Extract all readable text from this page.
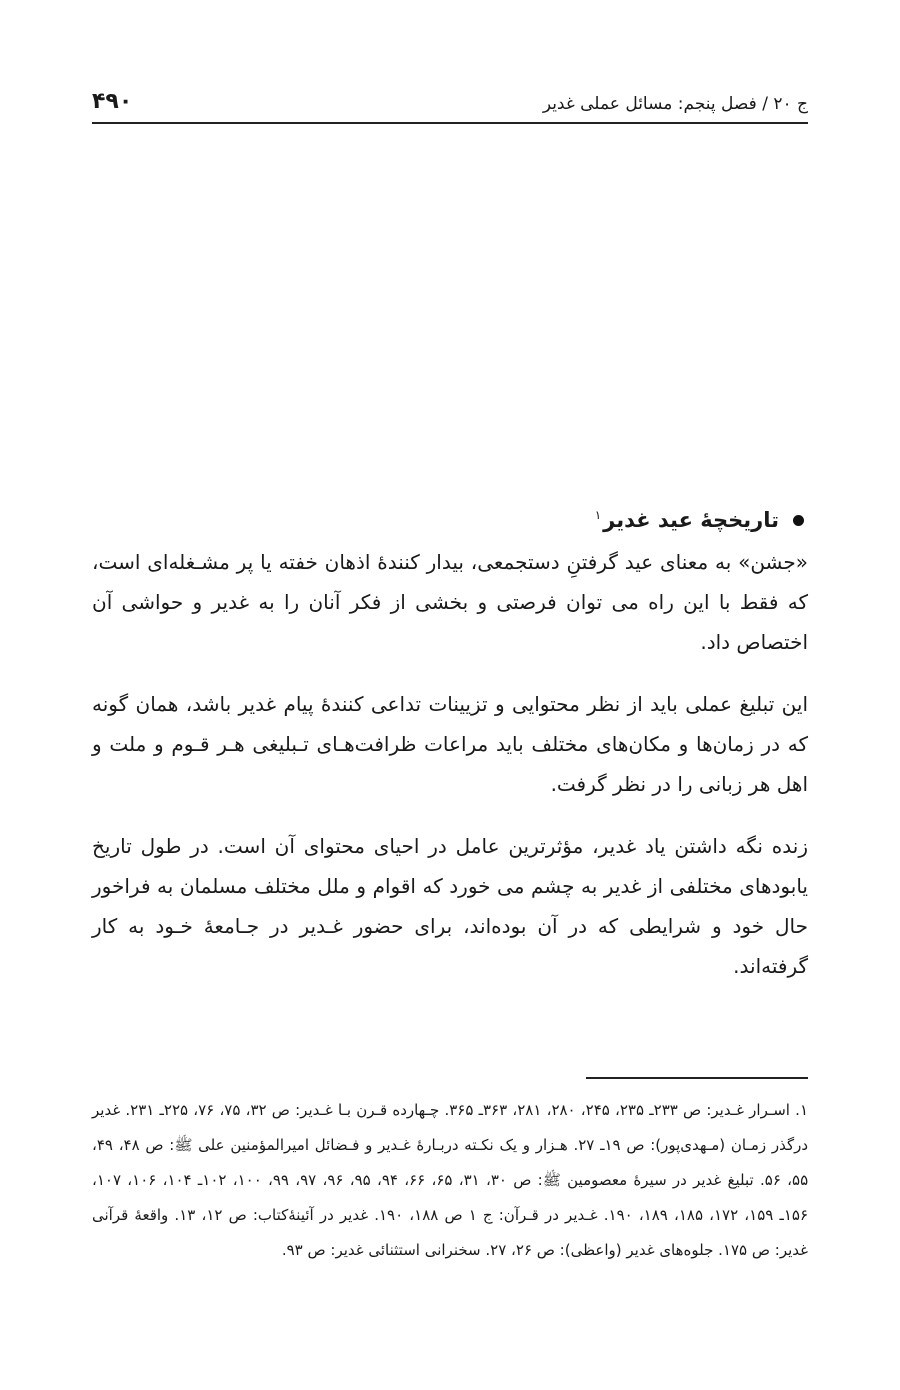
ج ۲۰ / فصل پنجم: مسائل عملی غدیر
۴۹۰
تاریخچۀ عید غدیر$^۱$

«جشن» به معنای عید گرفتنِ دستجمعی، بیدار کنندۀ اذهان خفته یا پر مشـغله‌ای است، که فقط با این راه می توان فرصتی و بخشی از فکر آنان را به غدیر و حواشی آن اختصاص داد.

این تبلیغ عملی باید از نظر محتوایی و تزیینات تداعی کنندۀ پیام غدیر باشد، همان گونه که در زمان‌ها و مکان‌های مختلف باید مراعات ظرافت‌هـای تـبلیغی هـر قـوم و ملت و اهل هر زبانی را در نظر گرفت.

زنده نگه داشتن یاد غدیر، مؤثرترین عامل در احیای محتوای آن است. در طول تاریخ یابودهای مختلفی از غدیر به چشم می خورد که اقوام و ملل مختلف مسلمان به فراخور حال خود و شرایطی که در آن بوده‌اند، برای حضور غـدیر در جـامعۀ خـود به کار گرفته‌اند.

۱. اسـرار غـدیر: ص ۲۳۳ـ ۲۳۵، ۲۴۵، ۲۸۰، ۲۸۱، ۳۶۳ـ ۳۶۵. چـهارده قـرن بـا غـدیر: ص ۳۲، ۷۵، ۷۶، ۲۲۵ـ ۲۳۱. غدیر درگذر زمـان (مـهدی‌پور): ص ۱۹ـ ۲۷. هـزار و یک نکـته دربـارۀ غـدیر و فـضائل امیرالمؤمنین علی ﷺ: ص ۴۸، ۴۹، ۵۵، ۵۶. تبلیغ غدیر در سیرۀ معصومین ﷺ: ص ۳۰، ۳۱، ۶۵، ۶۶، ۹۴، ۹۵، ۹۶، ۹۷، ۹۹، ۱۰۰، ۱۰۲ـ ۱۰۴، ۱۰۶، ۱۰۷، ۱۵۶ـ ۱۵۹، ۱۷۲، ۱۸۵، ۱۸۹، ۱۹۰. غـدیر در قـرآن: ج ۱ ص ۱۸۸، ۱۹۰. غدیر در آئینۀکتاب: ص ۱۲، ۱۳. واقعۀ قرآنی غدیر: ص ۱۷۵. جلوه‌های غدیر (واعظی): ص ۲۶، ۲۷. سخنرانی استثنائی غدیر: ص ۹۳.
